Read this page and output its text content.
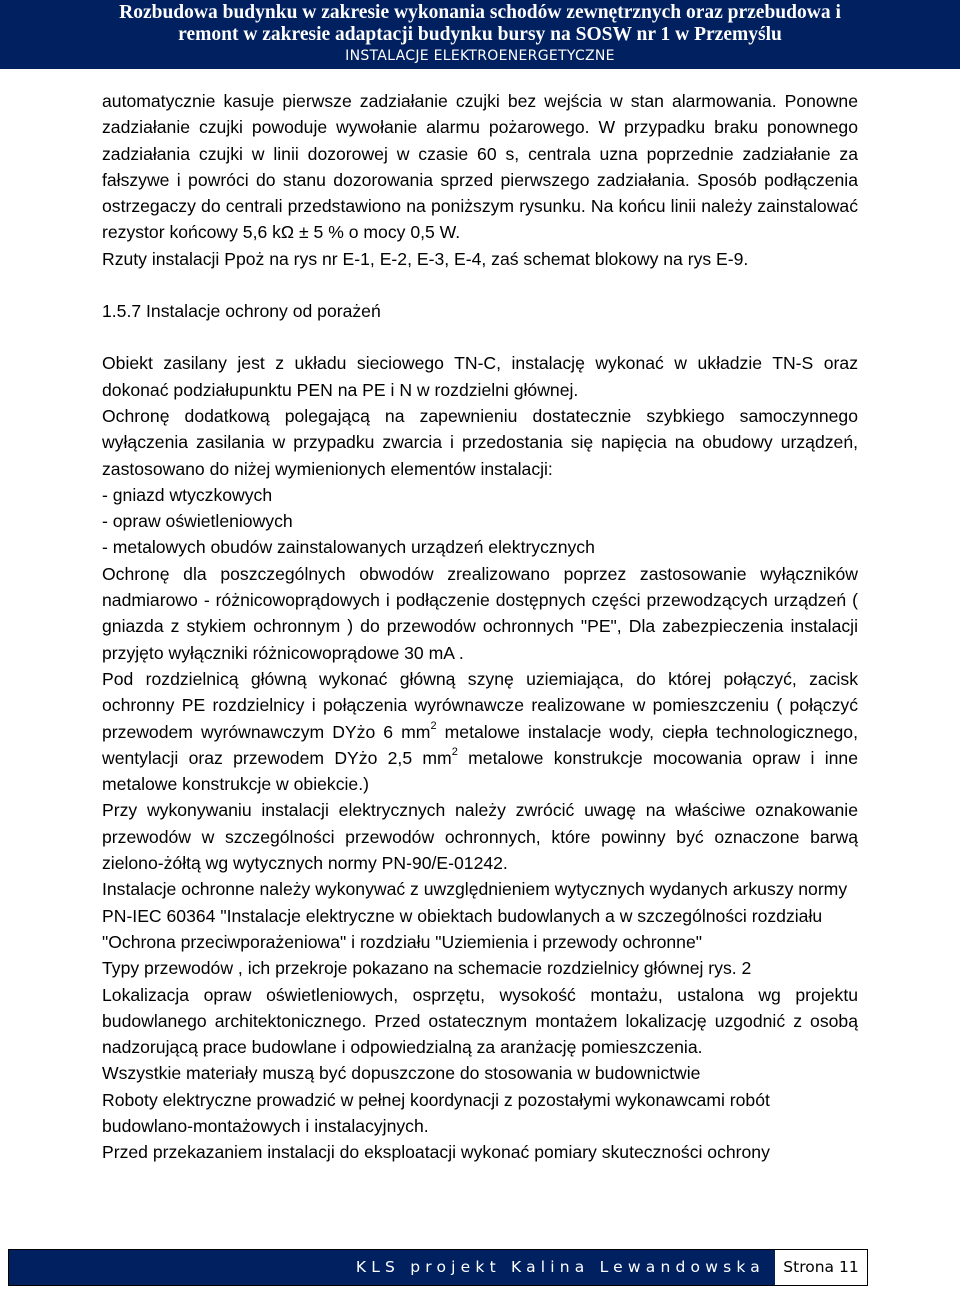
Rozbudowa budynku w zakresie wykonania schodów zewnętrznych oraz przebudowa i
remont w zakresie adaptacji budynku bursy na SOSW nr 1 w Przemyślu
INSTALACJE ELEKTROENERGETYCZNE

automatycznie kasuje pierwsze zadziałanie czujki bez wejścia w stan alarmowania. Ponowne zadziałanie czujki powoduje wywołanie alarmu pożarowego. W przypadku braku ponownego zadziałania czujki w linii dozorowej w czasie 60 s, centrala uzna poprzednie zadziałanie za fałszywe i powróci do stanu dozorowania sprzed pierwszego zadziałania. Sposób podłączenia ostrzegaczy do centrali przedstawiono na poniższym rysunku. Na końcu linii należy zainstalować rezystor końcowy 5,6 kΩ ± 5 % o mocy 0,5 W.

Rzuty instalacji Ppoż na rys nr E-1, E-2, E-3, E-4, zaś schemat blokowy na rys E-9.

1.5.7 Instalacje ochrony od porażeń

Obiekt zasilany jest z układu sieciowego TN-C, instalację wykonać w układzie TN-S oraz dokonać podziałupunktu PEN na PE i N w rozdzielni głównej.

Ochronę dodatkową polegającą na zapewnieniu dostatecznie szybkiego samoczynnego wyłączenia zasilania w przypadku zwarcia i przedostania się napięcia na obudowy urządzeń, zastosowano do niżej wymienionych elementów instalacji:

- gniazd wtyczkowych

- opraw oświetleniowych

- metalowych obudów zainstalowanych urządzeń elektrycznych

Ochronę dla poszczególnych obwodów zrealizowano poprzez zastosowanie wyłączników nadmiarowo - różnicowoprądowych i podłączenie dostępnych części przewodzących urządzeń ( gniazda z stykiem ochronnym ) do przewodów ochronnych "PE", Dla zabezpieczenia instalacji przyjęto wyłączniki różnicowoprądowe 30 mA .

Pod rozdzielnicą główną wykonać główną szynę uziemiająca, do której połączyć, zacisk ochronny PE rozdzielnicy i połączenia wyrównawcze realizowane w pomieszczeniu ( połączyć przewodem wyrównawczym DYżo 6 $mm^2$ metalowe instalacje wody, ciepła technologicznego, wentylacji oraz przewodem DYżo 2,5 $mm^2$ metalowe konstrukcje mocowania opraw i inne metalowe konstrukcje w obiekcie.)

Przy wykonywaniu instalacji elektrycznych należy zwrócić uwagę na właściwe oznakowanie przewodów w szczególności przewodów ochronnych, które powinny być oznaczone barwą zielono-żółtą wg wytycznych normy PN-90/E-01242.

Instalacje ochronne należy wykonywać z uwzględnieniem wytycznych wydanych arkuszy normy PN-IEC 60364 "Instalacje elektryczne w obiektach budowlanych a w szczególności rozdziału "Ochrona przeciwporażeniowa" i rozdziału "Uziemienia i przewody ochronne"

Typy przewodów , ich przekroje pokazano na schemacie rozdzielnicy głównej rys. 2

Lokalizacja opraw oświetleniowych, osprzętu, wysokość montażu, ustalona wg projektu budowlanego architektonicznego. Przed ostatecznym montażem lokalizację uzgodnić z osobą nadzorującą prace budowlane i odpowiedzialną za aranżację pomieszczenia.

Wszystkie materiały muszą być dopuszczone do stosowania w budownictwie

Roboty elektryczne prowadzić w pełnej koordynacji z pozostałymi wykonawcami robót budowlano-montażowych i instalacyjnych.

Przed przekazaniem instalacji do eksploatacji wykonać pomiary skuteczności ochrony

KLS projekt Kalina Lewandowska	Strona 11
